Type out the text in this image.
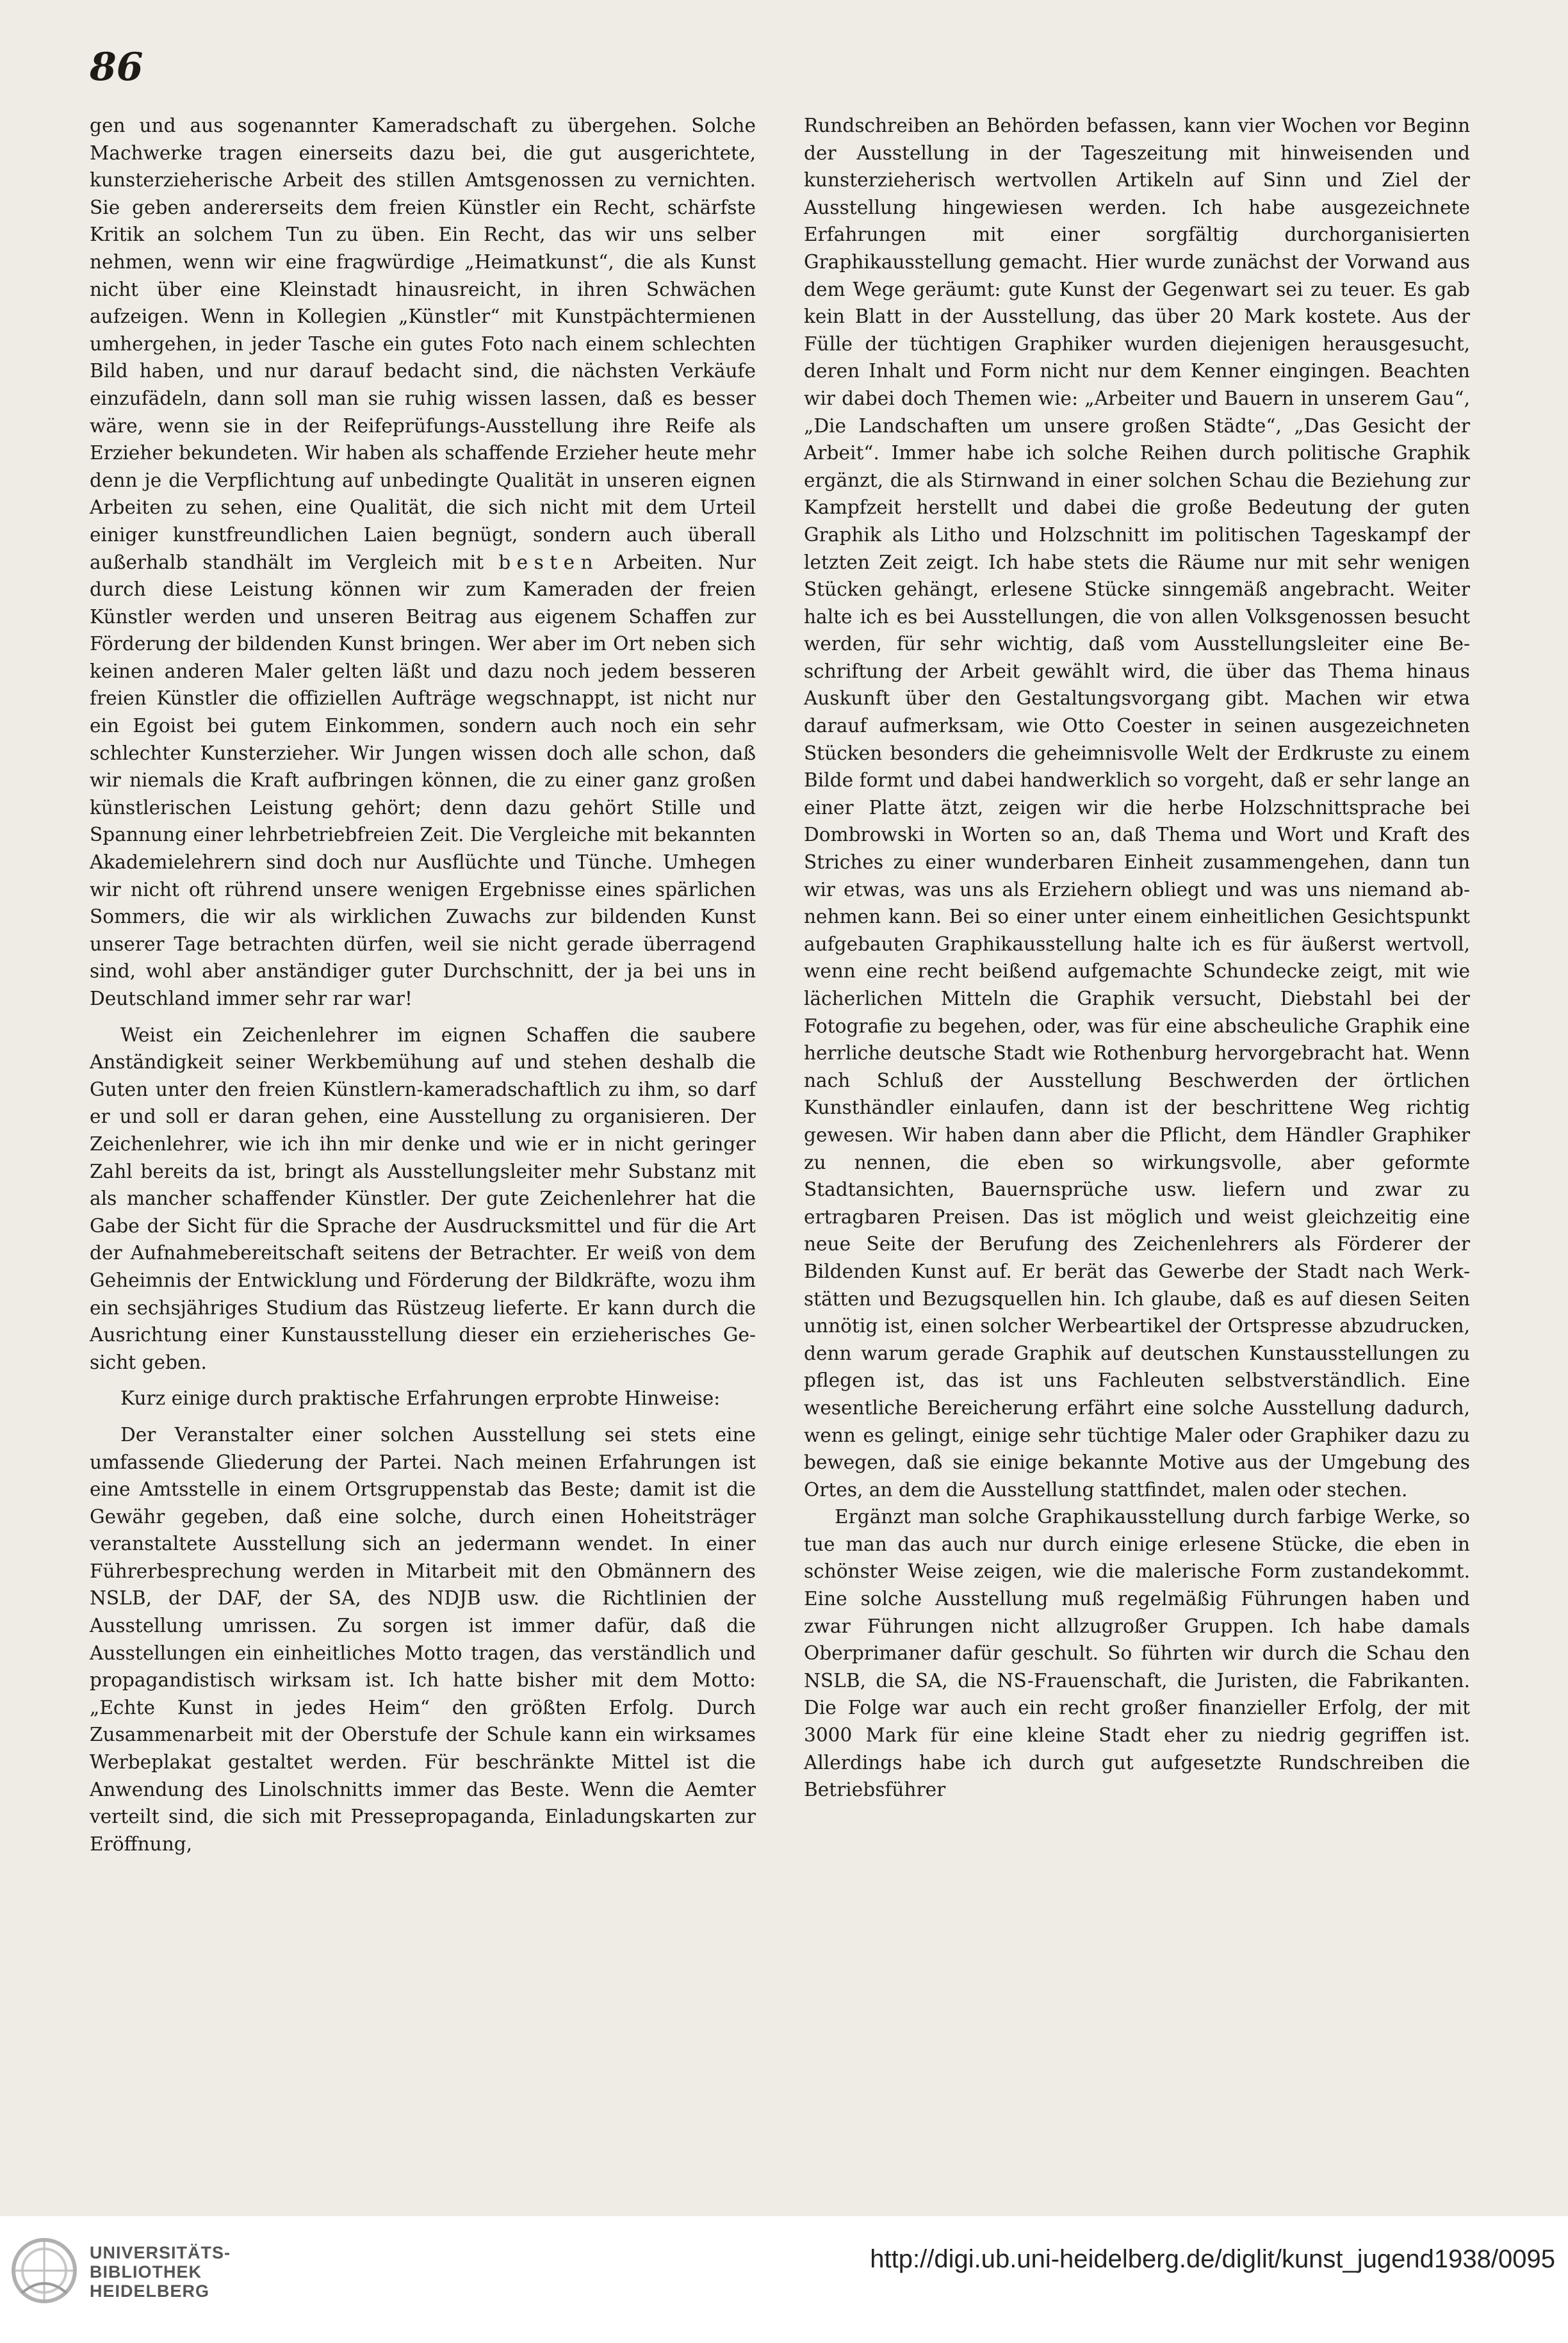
86

gen und aus sogenannter Kameradschaft zu übergehen. Solche Machwerke tragen einerseits dazu bei, die gut ausgerichtete, kunsterzieherische Arbeit des stillen Amtsgenossen zu vernichten. Sie geben andererseits dem freien Künstler ein Recht, schärfste Kritik an solchem Tun zu üben. Ein Recht, das wir uns selber nehmen, wenn wir eine fragwürdige „Heimatkunst“, die als Kunst nicht über eine Kleinstadt hinausreicht, in ihren Schwächen aufzeigen. Wenn in Kollegien „Künstler“ mit Kunstpächtermienen umhergehen, in jeder Tasche ein gutes Foto nach einem schlechten Bild haben, und nur darauf bedacht sind, die nächsten Verkäufe einzufädeln, dann soll man sie ruhig wissen lassen, daß es besser wäre, wenn sie in der Reifeprüfungs-Ausstellung ihre Reife als Erzieher bekundeten. Wir haben als schaffende Erzieher heute mehr denn je die Verpflichtung auf unbedingte Qualität in unseren eignen Arbeiten zu sehen, eine Qualität, die sich nicht mit dem Urteil einiger kunstfreundlichen Laien begnügt, sondern auch überall außerhalb standhält im Vergleich mit besten Arbeiten. Nur durch diese Leistung können wir zum Kameraden der freien Künstler werden und unseren Beitrag aus eigenem Schaffen zur Förderung der bildenden Kunst bringen. Wer aber im Ort neben sich keinen anderen Maler gelten läßt und dazu noch jedem besseren freien Künstler die offiziellen Aufträge wegschnappt, ist nicht nur ein Egoist bei gutem Einkommen, sondern auch noch ein sehr schlechter Kunsterzieher. Wir Jungen wissen doch alle schon, daß wir niemals die Kraft aufbringen können, die zu einer ganz großen künstlerischen Leistung gehört; denn dazu gehört Stille und Spannung einer lehrbetriebfreien Zeit. Die Vergleiche mit bekannten Akademielehrern sind doch nur Ausflüchte und Tünche. Umhegen wir nicht oft rührend unsere wenigen Ergebnisse eines spärlichen Sommers, die wir als wirklichen Zuwachs zur bildenden Kunst unserer Tage betrachten dürfen, weil sie nicht gerade überragend sind, wohl aber anständiger guter Durchschnitt, der ja bei uns in Deutschland immer sehr rar war!

Weist ein Zeichenlehrer im eignen Schaffen die saubere Anständigkeit seiner Werkbemühung auf und stehen deshalb die Guten unter den freien Künstlern-kameradschaftlich zu ihm, so darf er und soll er daran gehen, eine Ausstellung zu organisieren. Der Zeichenlehrer, wie ich ihn mir denke und wie er in nicht geringer Zahl bereits da ist, bringt als Ausstellungsleiter mehr Substanz mit als mancher schaffender Künstler. Der gute Zeichenlehrer hat die Gabe der Sicht für die Sprache der Ausdrucksmittel und für die Art der Aufnahmebereitschaft seitens der Betrachter. Er weiß von dem Geheimnis der Entwicklung und Förderung der Bildkräfte, wozu ihm ein sechsjähriges Studium das Rüstzeug lieferte. Er kann durch die Ausrichtung einer Kunstausstellung dieser ein erzieherisches Gesicht geben.

Kurz einige durch praktische Erfahrungen erprobte Hinweise:

Der Veranstalter einer solchen Ausstellung sei stets eine umfassende Gliederung der Partei. Nach meinen Erfahrungen ist eine Amtsstelle in einem Ortsgruppenstab das Beste; damit ist die Gewähr gegeben, daß eine solche, durch einen Hoheitsträger veranstaltete Ausstellung sich an jedermann wendet. In einer Führerbesprechung werden in Mitarbeit mit den Obmännern des NSLB, der DAF, der SA, des NDJB usw. die Richtlinien der Ausstellung umrissen. Zu sorgen ist immer dafür, daß die Ausstellungen ein einheitliches Motto tragen, das verständlich und propagandistisch wirksam ist. Ich hatte bisher mit dem Motto: „Echte Kunst in jedes Heim“ den größten Erfolg. Durch Zusammenarbeit mit der Oberstufe der Schule kann ein wirksames Werbeplakat gestaltet werden. Für beschränkte Mittel ist die Anwendung des Linolschnitts immer das Beste. Wenn die Aemter verteilt sind, die sich mit Pressepropaganda, Einladungskarten zur Eröffnung,

Rundschreiben an Behörden befassen, kann vier Wochen vor Beginn der Ausstellung in der Tageszeitung mit hinweisenden und kunsterzieherisch wertvollen Artikeln auf Sinn und Ziel der Ausstellung hingewiesen werden. Ich habe ausgezeichnete Erfahrungen mit einer sorgfältig durchorganisierten Graphikausstellung gemacht. Hier wurde zunächst der Vorwand aus dem Wege geräumt: gute Kunst der Gegenwart sei zu teuer. Es gab kein Blatt in der Ausstellung, das über 20 Mark kostete. Aus der Fülle der tüchtigen Graphiker wurden diejenigen herausgesucht, deren Inhalt und Form nicht nur dem Kenner eingingen. Beachten wir dabei doch Themen wie: „Arbeiter und Bauern in unserem Gau“, „Die Landschaften um unsere großen Städte“, „Das Gesicht der Arbeit“. Immer habe ich solche Reihen durch politische Graphik ergänzt, die als Stirnwand in einer solchen Schau die Beziehung zur Kampfzeit herstellt und dabei die große Bedeutung der guten Graphik als Litho und Holzschnitt im politischen Tageskampf der letzten Zeit zeigt. Ich habe stets die Räume nur mit sehr wenigen Stücken gehängt, erlesene Stücke sinngemäß angebracht. Weiter halte ich es bei Ausstellungen, die von allen Volksgenossen besucht werden, für sehr wichtig, daß vom Ausstellungsleiter eine Beschriftung der Arbeit gewählt wird, die über das Thema hinaus Auskunft über den Gestaltungsvorgang gibt. Machen wir etwa darauf aufmerksam, wie Otto Coester in seinen ausgezeichneten Stücken besonders die geheimnisvolle Welt der Erdkruste zu einem Bilde formt und dabei handwerklich so vorgeht, daß er sehr lange an einer Platte ätzt, zeigen wir die herbe Holzschnittsprache bei Dombrowski in Worten so an, daß Thema und Wort und Kraft des Striches zu einer wunderbaren Einheit zusammengehen, dann tun wir etwas, was uns als Erziehern obliegt und was uns niemand abnehmen kann. Bei so einer unter einem einheitlichen Gesichtspunkt aufgebauten Graphikausstellung halte ich es für äußerst wertvoll, wenn eine recht beißend aufgemachte Schundecke zeigt, mit wie lächerlichen Mitteln die Graphik versucht, Diebstahl bei der Fotografie zu begehen, oder, was für eine abscheuliche Graphik eine herrliche deutsche Stadt wie Rothenburg hervorgebracht hat. Wenn nach Schluß der Ausstellung Beschwerden der örtlichen Kunsthändler einlaufen, dann ist der beschrittene Weg richtig gewesen. Wir haben dann aber die Pflicht, dem Händler Graphiker zu nennen, die eben so wirkungsvolle, aber geformte Stadtansichten, Bauernsprüche usw. liefern und zwar zu ertragbaren Preisen. Das ist möglich und weist gleichzeitig eine neue Seite der Berufung des Zeichenlehrers als Förderer der Bildenden Kunst auf. Er berät das Gewerbe der Stadt nach Werkstätten und Bezugsquellen hin. Ich glaube, daß es auf diesen Seiten unnötig ist, einen solcher Werbeartikel der Ortspresse abzudrucken, denn warum gerade Graphik auf deutschen Kunstausstellungen zu pflegen ist, das ist uns Fachleuten selbstverständlich. Eine wesentliche Bereicherung erfährt eine solche Ausstellung dadurch, wenn es gelingt, einige sehr tüchtige Maler oder Graphiker dazu zu bewegen, daß sie einige bekannte Motive aus der Umgebung des Ortes, an dem die Ausstellung stattfindet, malen oder stechen.

Ergänzt man solche Graphikausstellung durch farbige Werke, so tue man das auch nur durch einige erlesene Stücke, die eben in schönster Weise zeigen, wie die malerische Form zustandekommt. Eine solche Ausstellung muß regelmäßig Führungen haben und zwar Führungen nicht allzugroßer Gruppen. Ich habe damals Oberprimaner dafür geschult. So führten wir durch die Schau den NSLB, die SA, die NS-Frauenschaft, die Juristen, die Fabrikanten. Die Folge war auch ein recht großer finanzieller Erfolg, der mit 3000 Mark für eine kleine Stadt eher zu niedrig gegriffen ist. Allerdings habe ich durch gut aufgesetzte Rundschreiben die Betriebsführer

UNIVERSITÄTS-
BIBLIOTHEK
HEIDELBERG
http://digi.ub.uni-heidelberg.de/diglit/kunst_jugend1938/0095
